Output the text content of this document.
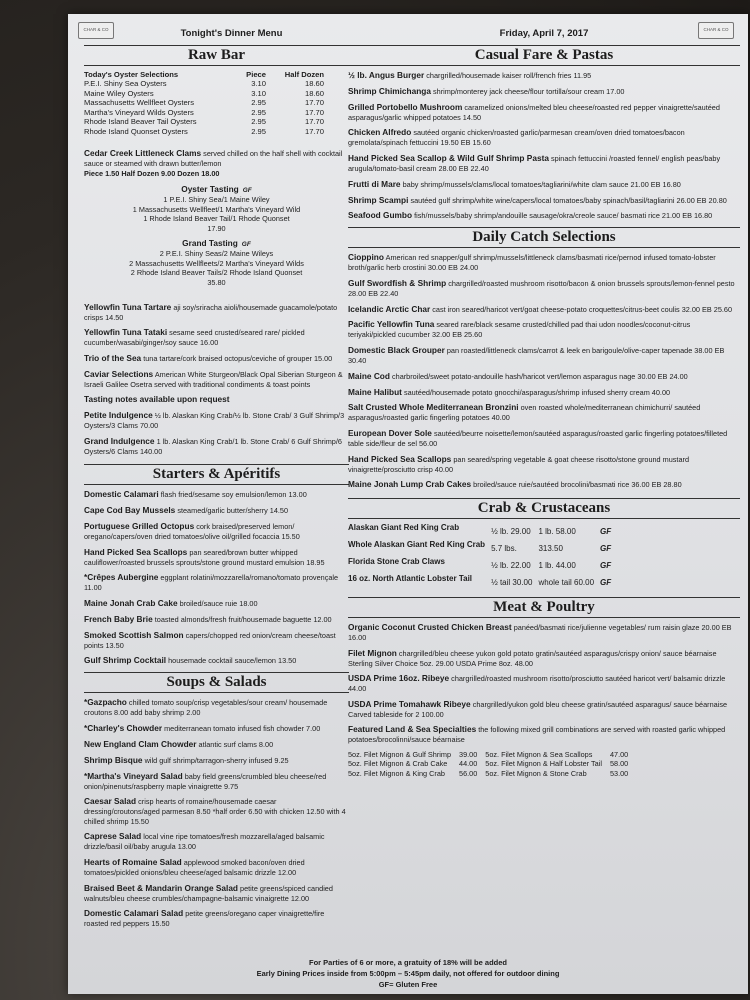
CHAR & CO	CHAR & CO
Tonight's Dinner Menu
Raw Bar
Today's Oyster Selections	Piece	Half Dozen
P.E.I. Shiny Sea Oysters	3.10	18.60
Maine Wiley Oysters	3.10	18.60
Massachusetts Wellfleet Oysters	2.95	17.70
Martha's Vineyard Wilds Oysters	2.95	17.70
Rhode Island Beaver Tail Oysters	2.95	17.70
Rhode Island Quonset Oysters	2.95	17.70
Cedar Creek Littleneck Clams served chilled on the half shell with cocktail sauce or steamed with drawn butter/lemon
Piece 1.50 Half Dozen 9.00 Dozen 18.00
Oyster Tasting GF
1 P.E.I. Shiny Sea/1 Maine Wiley
1 Massachusetts Wellfleet/1 Martha's Vineyard Wild
1 Rhode Island Beaver Tail/1 Rhode Quonset
17.90
Grand Tasting GF
2 P.E.I. Shiny Seas/2 Maine Wileys
2 Massachusetts Wellfleets/2 Martha's Vineyard Wilds
2 Rhode Island Beaver Tails/2 Rhode Island Quonset
35.80
Yellowfin Tuna Tartare aji soy/sriracha aioli/housemade guacamole/potato crisps 14.50
Yellowfin Tuna Tataki sesame seed crusted/seared rare/ pickled cucumber/wasabi/ginger/soy sauce 16.00
Trio of the Sea tuna tartare/cork braised octopus/ceviche of grouper 15.00
Caviar Selections American White Sturgeon/Black Opal Siberian Sturgeon & Israeli Galilee Osetra served with traditional condiments & toast points
Tasting notes available upon request
Petite Indulgence ½ lb. Alaskan King Crab/½ lb. Stone Crab/ 3 Gulf Shrimp/3 Oysters/3 Clams 70.00
Grand Indulgence 1 lb. Alaskan King Crab/1 lb. Stone Crab/ 6 Gulf Shrimp/6 Oysters/6 Clams 140.00
Starters & Apéritifs
Domestic Calamari flash fried/sesame soy emulsion/lemon 13.00
Cape Cod Bay Mussels steamed/garlic butter/sherry 14.50
Portuguese Grilled Octopus cork braised/preserved lemon/ oregano/capers/oven dried tomatoes/olive oil/grilled focaccia 15.50
Hand Picked Sea Scallops pan seared/brown butter whipped cauliflower/roasted brussels sprouts/stone ground mustard emulsion 18.95
*Crêpes Aubergine eggplant rolatini/mozzarella/romano/tomato provençale 11.00
Maine Jonah Crab Cake broiled/sauce ruie 18.00
French Baby Brie toasted almonds/fresh fruit/housemade baguette 12.00
Smoked Scottish Salmon capers/chopped red onion/cream cheese/toast points 13.50
Gulf Shrimp Cocktail housemade cocktail sauce/lemon 13.50
Soups & Salads
*Gazpacho chilled tomato soup/crisp vegetables/sour cream/ housemade croutons 8.00 add baby shrimp 2.00
*Charley's Chowder mediterranean tomato infused fish chowder 7.00
New England Clam Chowder atlantic surf clams 8.00
Shrimp Bisque wild gulf shrimp/tarragon-sherry infused 9.25
*Martha's Vineyard Salad baby field greens/crumbled bleu cheese/red onion/pinenuts/raspberry maple vinaigrette 9.75
Caesar Salad crisp hearts of romaine/housemade caesar dressing/croutons/aged parmesan 8.50 *half order 6.50 with chicken 12.50 with 4 chilled shrimp 15.50
Caprese Salad local vine ripe tomatoes/fresh mozzarella/aged balsamic drizzle/basil oil/baby arugula 13.00
Hearts of Romaine Salad applewood smoked bacon/oven dried tomatoes/pickled onions/bleu cheese/aged balsamic drizzle 12.00
Braised Beet & Mandarin Orange Salad petite greens/spiced candied walnuts/bleu cheese crumbles/champagne-balsamic vinaigrette 12.00
Domestic Calamari Salad petite greens/oregano caper vinaigrette/fire roasted red peppers 15.50
Friday, April 7, 2017
Casual Fare & Pastas
½ lb. Angus Burger chargrilled/housemade kaiser roll/french fries 11.95
Shrimp Chimichanga shrimp/monterey jack cheese/flour tortilla/sour cream 17.00
Grilled Portobello Mushroom caramelized onions/melted bleu cheese/roasted red pepper vinaigrette/sautéed asparagus/garlic whipped potatoes 14.50
Chicken Alfredo sautéed organic chicken/roasted garlic/parmesan cream/oven dried tomatoes/bacon gremolata/spinach fettuccini 19.50 EB 15.60
Hand Picked Sea Scallop & Wild Gulf Shrimp Pasta spinach fettuccini /roasted fennel/ english peas/baby arugula/tomato-basil cream 28.00 EB 22.40
Frutti di Mare baby shrimp/mussels/clams/local tomatoes/tagliarini/white clam sauce 21.00 EB 16.80
Shrimp Scampi sautéed gulf shrimp/white wine/capers/local tomatoes/baby spinach/basil/tagliarini 26.00 EB 20.80
Seafood Gumbo fish/mussels/baby shrimp/andouille sausage/okra/creole sauce/ basmati rice 21.00 EB 16.80
Daily Catch Selections
Cioppino American red snapper/gulf shrimp/mussels/littleneck clams/basmati rice/pernod infused tomato-lobster broth/garlic herb crostini 30.00 EB 24.00
Gulf Swordfish & Shrimp chargrilled/roasted mushroom risotto/bacon & onion brussels sprouts/lemon-fennel pesto 28.00 EB 22.40
Icelandic Arctic Char cast iron seared/haricot vert/goat cheese-potato croquettes/citrus-beet coulis 32.00 EB 25.60
Pacific Yellowfin Tuna seared rare/black sesame crusted/chilled pad thai udon noodles/coconut-citrus teriyaki/pickled cucumber 32.00 EB 25.60
Domestic Black Grouper pan roasted/littleneck clams/carrot & leek en barigoule/olive-caper tapenade 38.00 EB 30.40
Maine Cod charbroiled/sweet potato-andouille hash/haricot vert/lemon asparagus nage 30.00 EB 24.00
Maine Halibut sautéed/housemade potato gnocchi/asparagus/shrimp infused sherry cream 40.00
Salt Crusted Whole Mediterranean Bronzini oven roasted whole/mediterranean chimichurri/ sautéed asparagus/roasted garlic fingerling potatoes 40.00
European Dover Sole sautéed/beurre noisette/lemon/sautéed asparagus/roasted garlic fingerling potatoes/filleted table side/fleur de sel 56.00
Hand Picked Sea Scallops pan seared/spring vegetable & goat cheese risotto/stone ground mustard vinaigrette/prosciutto crisp 40.00
Maine Jonah Lump Crab Cakes broiled/sauce ruie/sautéed brocolini/basmati rice 36.00 EB 28.80
Crab & Crustaceans
Alaskan Giant Red King Crab	½ lb. 29.00	1 lb. 58.00	GF
Whole Alaskan Giant Red King Crab	5.7 lbs.	313.50	GF
Florida Stone Crab Claws	½ lb. 22.00	1 lb. 44.00	GF
16 oz. North Atlantic Lobster Tail	½ tail 30.00	whole tail 60.00	GF
Meat & Poultry
Organic Coconut Crusted Chicken Breast panéed/basmati rice/julienne vegetables/ rum raisin glaze 20.00 EB 16.00
Filet Mignon chargrilled/bleu cheese yukon gold potato gratin/sautéed asparagus/crispy onion/ sauce béarnaise Sterling Silver Choice 5oz. 29.00 USDA Prime 8oz. 48.00
USDA Prime 16oz. Ribeye chargrilled/roasted mushroom risotto/prosciutto sautéed haricot vert/ balsamic drizzle 44.00
USDA Prime Tomahawk Ribeye chargrilled/yukon gold bleu cheese gratin/sautéed asparagus/ sauce béarnaise Carved tableside for 2 100.00
Featured Land & Sea Specialties the following mixed grill combinations are served with roasted garlic whipped potatoes/brocolinni/sauce béarnaise
5oz. Filet Mignon & Gulf Shrimp	39.00	5oz. Filet Mignon & Sea Scallops	47.00
5oz. Filet Mignon & Crab Cake	44.00	5oz. Filet Mignon & Half Lobster Tail	58.00
5oz. Filet Mignon & King Crab	56.00	5oz. Filet Mignon & Stone Crab	53.00
For Parties of 6 or more, a gratuity of 18% will be added
Early Dining Prices inside from 5:00pm – 5:45pm daily, not offered for outdoor dining
GF= Gluten Free
